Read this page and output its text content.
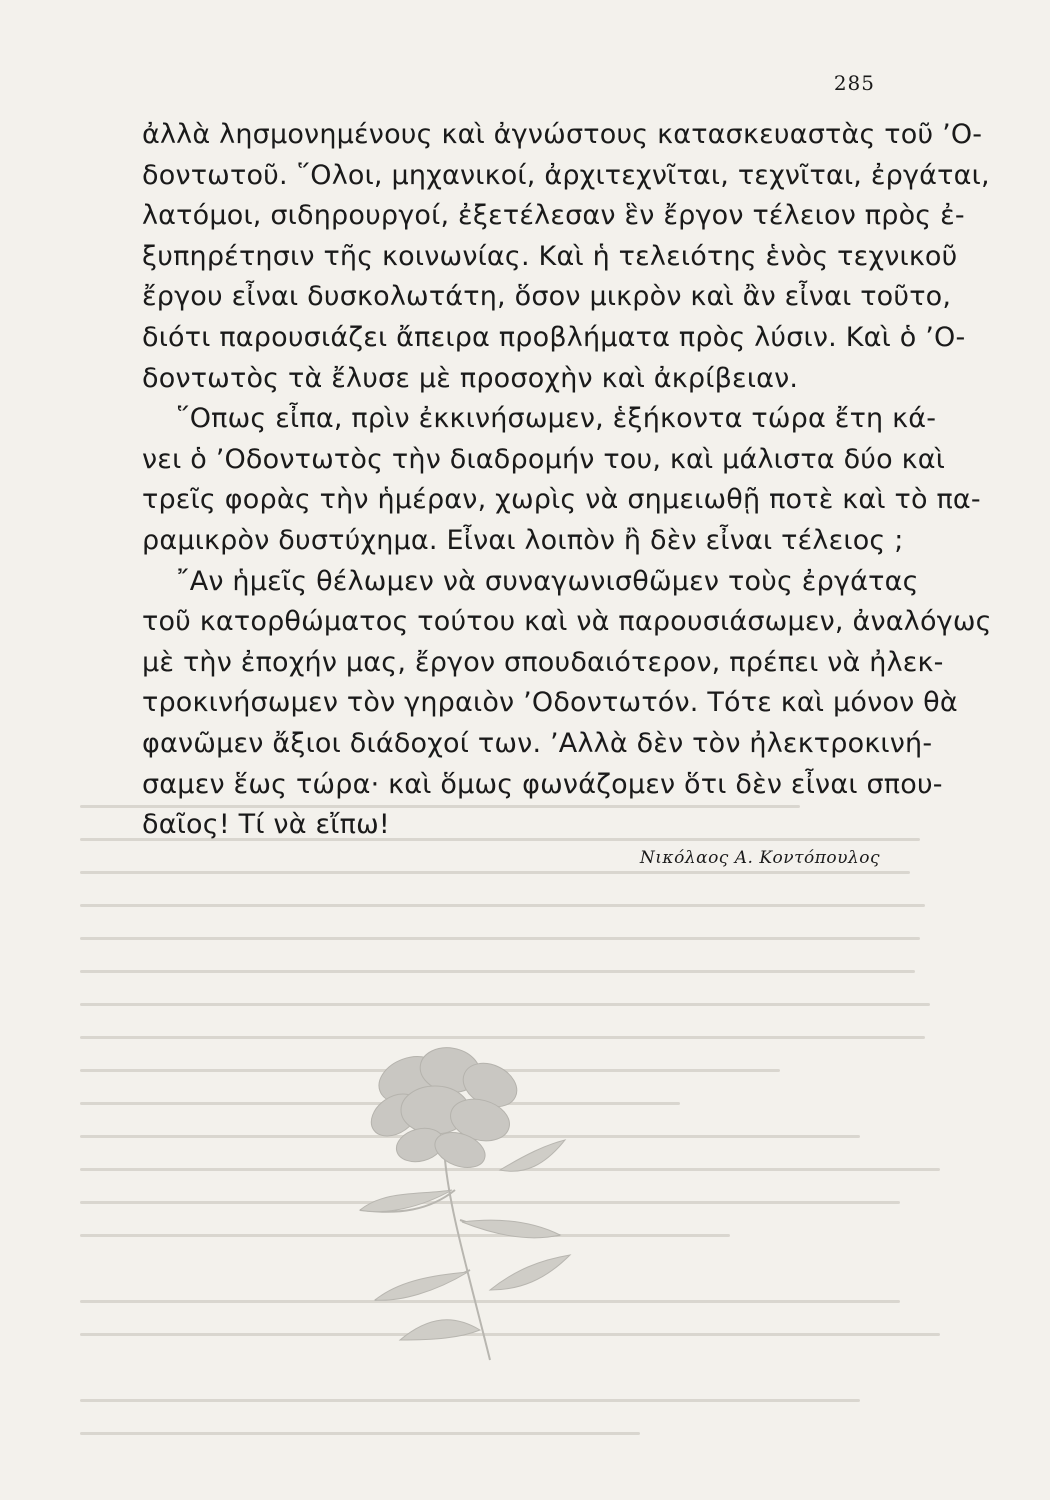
285
ἀλλὰ λησμονημένους καὶ ἀγνώστους κατασκευαστὰς τοῦ ’Ο-
δοντωτοῦ. ῞Ολοι, μηχανικοί, ἀρχιτεχνῖται, τεχνῖται, ἐργάται,
λατόμοι, σιδηρουργοί, ἐξετέλεσαν ἓν ἔργον τέλειον πρὸς ἐ-
ξυπηρέτησιν τῆς κοινωνίας. Καὶ ἡ τελειότης ἑνὸς τεχνικοῦ
ἔργου εἶναι δυσκολωτάτη, ὅσον μικρὸν καὶ ἂν εἶναι τοῦτο,
διότι παρουσιάζει ἄπειρα προβλήματα πρὸς λύσιν. Καὶ ὁ ’Ο-
δοντωτὸς τὰ ἔλυσε μὲ προσοχὴν καὶ ἀκρίβειαν.
῞Οπως εἶπα, πρὶν ἐκκινήσωμεν, ἑξήκοντα τώρα ἔτη κά-
νει ὁ ’Οδοντωτὸς τὴν διαδρομήν του, καὶ μάλιστα δύο καὶ
τρεῖς φορὰς τὴν ἡμέραν, χωρὶς νὰ σημειωθῇ ποτὲ καὶ τὸ πα-
ραμικρὸν δυστύχημα. Εἶναι λοιπὸν ἢ δὲν εἶναι τέλειος ;
῎Αν ἡμεῖς θέλωμεν νὰ συναγωνισθῶμεν τοὺς ἐργάτας
τοῦ κατορθώματος τούτου καὶ νὰ παρουσιάσωμεν, ἀναλόγως
μὲ τὴν ἐποχήν μας, ἔργον σπουδαιότερον, πρέπει νὰ ἠλεκ-
τροκινήσωμεν τὸν γηραιὸν ’Οδοντωτόν. Τότε καὶ μόνον θὰ
φανῶμεν ἄξιοι διάδοχοί των. ’Αλλὰ δὲν τὸν ἠλεκτροκινή-
σαμεν ἕως τώρα· καὶ ὅμως φωνάζομεν ὅτι δὲν εἶναι σπου-
δαῖος! Τί νὰ εἴπω!
Νικόλαος Α. Κοντόπουλος
